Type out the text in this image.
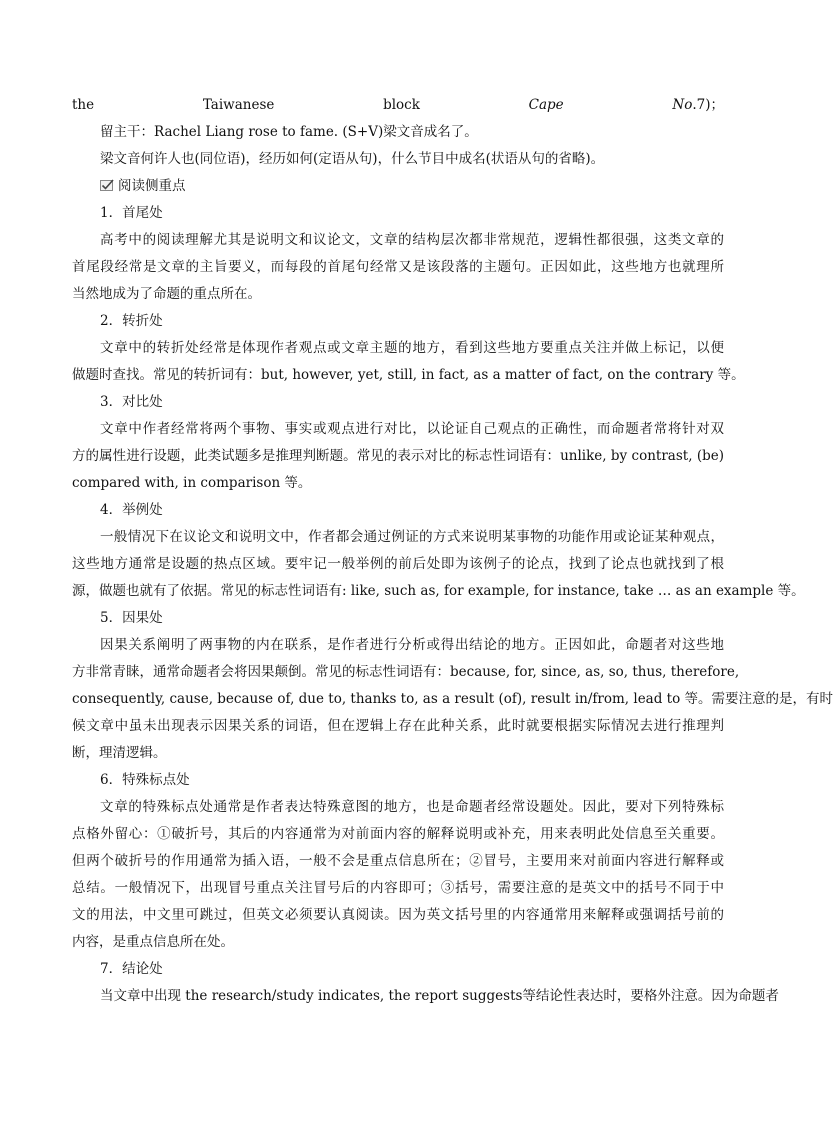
the Taiwanese block Cape No.7)；
留主干：Rachel Liang rose to fame. (S+V)梁文音成名了。
梁文音何许人也(同位语)，经历如何(定语从句)，什么节目中成名(状语从句的省略)。
阅读侧重点
1．首尾处
高考中的阅读理解尤其是说明文和议论文，文章的结构层次都非常规范，逻辑性都很强，这类文章的
首尾段经常是文章的主旨要义，而每段的首尾句经常又是该段落的主题句。正因如此，这些地方也就理所
当然地成为了命题的重点所在。
2．转折处
文章中的转折处经常是体现作者观点或文章主题的地方，看到这些地方要重点关注并做上标记，以便
做题时查找。常见的转折词有：but, however, yet, still, in fact, as a matter of fact, on the contrary 等。
3．对比处
文章中作者经常将两个事物、事实或观点进行对比，以论证自己观点的正确性，而命题者常将针对双
方的属性进行设题，此类试题多是推理判断题。常见的表示对比的标志性词语有：unlike, by contrast, (be)
compared with, in comparison 等。
4．举例处
一般情况下在议论文和说明文中，作者都会通过例证的方式来说明某事物的功能作用或论证某种观点，
这些地方通常是设题的热点区域。要牢记一般举例的前后处即为该例子的论点，找到了论点也就找到了根
源，做题也就有了依据。常见的标志性词语有: like, such as, for example, for instance, take … as an example 等。
5．因果处
因果关系阐明了两事物的内在联系，是作者进行分析或得出结论的地方。正因如此，命题者对这些地
方非常青睐，通常命题者会将因果颠倒。常见的标志性词语有：because, for, since, as, so, thus, therefore,
consequently, cause, because of, due to, thanks to, as a result (of), result in/from, lead to 等。需要注意的是，有时
候文章中虽未出现表示因果关系的词语，但在逻辑上存在此种关系，此时就要根据实际情况去进行推理判
断，理清逻辑。
6．特殊标点处
文章的特殊标点处通常是作者表达特殊意图的地方，也是命题者经常设题处。因此，要对下列特殊标
点格外留心：①破折号，其后的内容通常为对前面内容的解释说明或补充，用来表明此处信息至关重要。
但两个破折号的作用通常为插入语，一般不会是重点信息所在；②冒号，主要用来对前面内容进行解释或
总结。一般情况下，出现冒号重点关注冒号后的内容即可；③括号，需要注意的是英文中的括号不同于中
文的用法，中文里可跳过，但英文必须要认真阅读。因为英文括号里的内容通常用来解释或强调括号前的
内容，是重点信息所在处。
7．结论处
当文章中出现 the research/study indicates, the report suggests等结论性表达时，要格外注意。因为命题者
